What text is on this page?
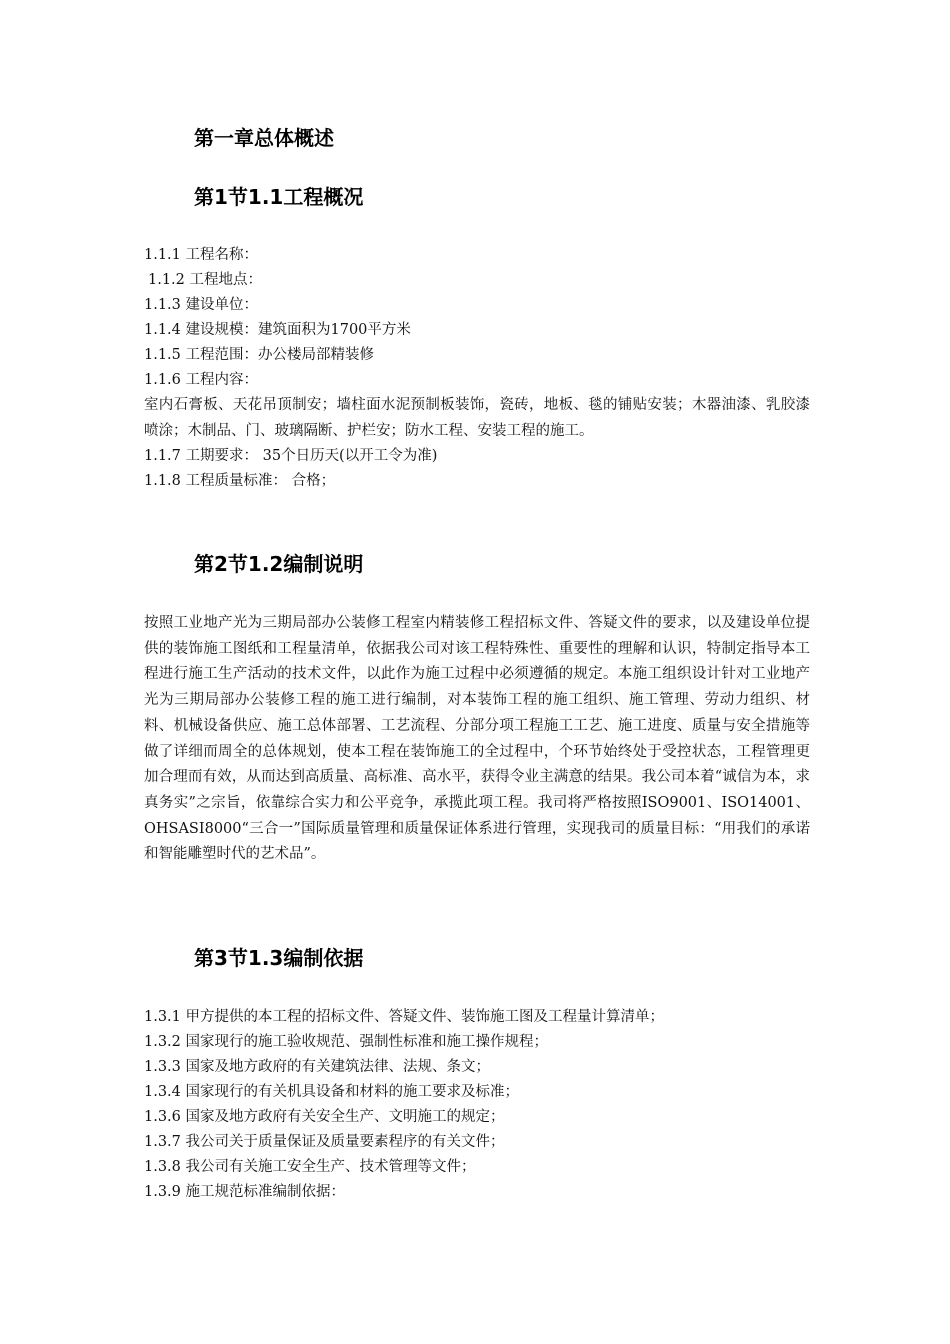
第一章总体概述
第1节1.1工程概况
1.1.1 工程名称：
1.1.2 工程地点：
1.1.3 建设单位：
1.1.4 建设规模：建筑面积为1700平方米
1.1.5 工程范围：办公楼局部精装修
1.1.6 工程内容：
室内石膏板、天花吊顶制安；墙柱面水泥预制板装饰，瓷砖，地板、毯的铺贴安装；木器油漆、乳胶漆喷涂；木制品、门、玻璃隔断、护栏安；防水工程、安装工程的施工。
1.1.7 工期要求： 35个日历天(以开工令为准)
1.1.8 工程质量标准： 合格；
第2节1.2编制说明
按照工业地产光为三期局部办公装修工程室内精装修工程招标文件、答疑文件的要求，以及建设单位提供的装饰施工图纸和工程量清单，依据我公司对该工程特殊性、重要性的理解和认识，特制定指导本工程进行施工生产活动的技术文件，以此作为施工过程中必须遵循的规定。本施工组织设计针对工业地产光为三期局部办公装修工程的施工进行编制，对本装饰工程的施工组织、施工管理、劳动力组织、材料、机械设备供应、施工总体部署、工艺流程、分部分项工程施工工艺、施工进度、质量与安全措施等做了详细而周全的总体规划，使本工程在装饰施工的全过程中，个环节始终处于受控状态，工程管理更加合理而有效，从而达到高质量、高标准、高水平，获得令业主满意的结果。我公司本着“诚信为本，求真务实”之宗旨，依靠综合实力和公平竞争，承揽此项工程。我司将严格按照ISO9001、ISO14001、OHSASI8000“三合一”国际质量管理和质量保证体系进行管理，实现我司的质量目标：“用我们的承诺和智能雕塑时代的艺术品”。
第3节1.3编制依据
1.3.1 甲方提供的本工程的招标文件、答疑文件、装饰施工图及工程量计算清单；
1.3.2 国家现行的施工验收规范、强制性标准和施工操作规程；
1.3.3 国家及地方政府的有关建筑法律、法规、条文；
1.3.4 国家现行的有关机具设备和材料的施工要求及标准；
1.3.6 国家及地方政府有关安全生产、文明施工的规定；
1.3.7 我公司关于质量保证及质量要素程序的有关文件；
1.3.8 我公司有关施工安全生产、技术管理等文件；
1.3.9 施工规范标准编制依据：
